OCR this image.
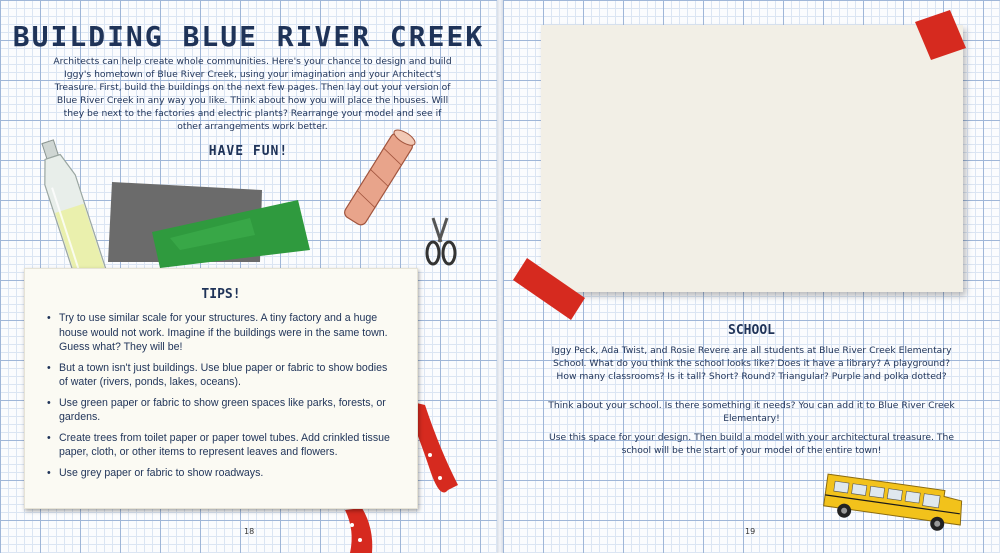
BUILDING BLUE RIVER CREEK
Architects can help create whole communities. Here's your chance to design and build Iggy's hometown of Blue River Creek, using your imagination and your Architect's Treasure. First, build the buildings on the next few pages. Then lay out your version of Blue River Creek in any way you like. Think about how you will place the houses. Will they be next to the factories and electric plants? Rearrange your model and see if other arrangements work better.
HAVE FUN!
TIPS!
• Try to use similar scale for your structures. A tiny factory and a huge house would not work. Imagine if the buildings were in the same town. Guess what? They will be!
• But a town isn't just buildings. Use blue paper or fabric to show bodies of water (rivers, ponds, lakes, oceans).
• Use green paper or fabric to show green spaces like parks, forests, or gardens.
• Create trees from toilet paper or paper towel tubes. Add crinkled tissue paper, cloth, or other items to represent leaves and flowers.
• Use grey paper or fabric to show roadways.
18
SCHOOL
Iggy Peck, Ada Twist, and Rosie Revere are all students at Blue River Creek Elementary School. What do you think the school looks like? Does it have a library? A playground? How many classrooms? Is it tall? Short? Round? Triangular? Purple and polka dotted?
Think about your school. Is there something it needs? You can add it to Blue River Creek Elementary!
Use this space for your design. Then build a model with your architectural treasure. The school will be the start of your model of the entire town!
19
